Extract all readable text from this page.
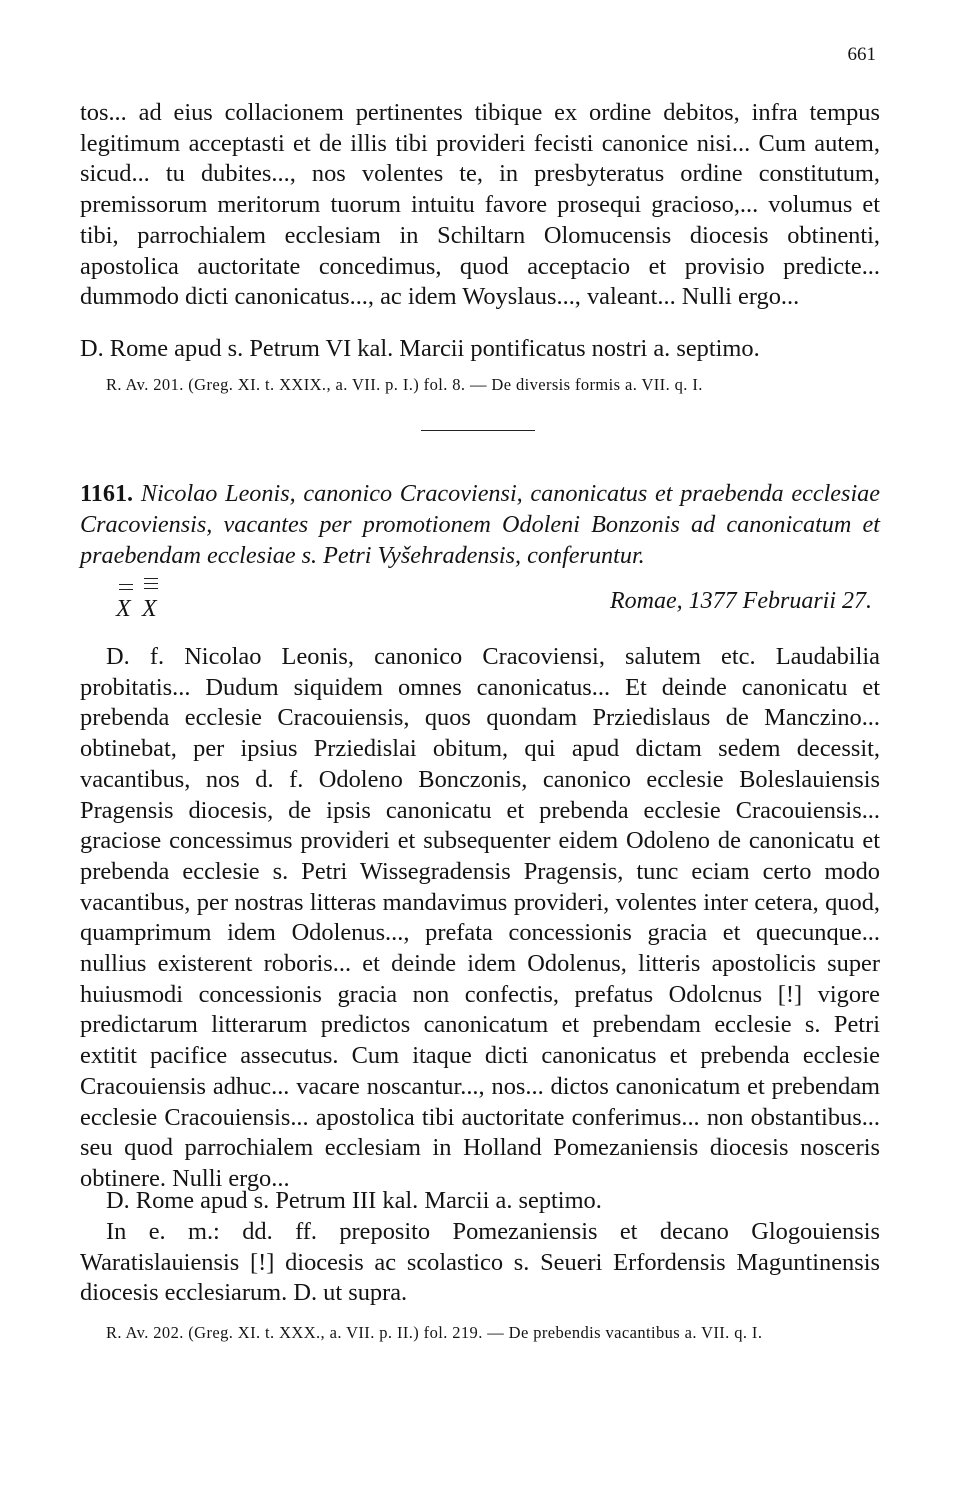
661

tos... ad eius collacionem pertinentes tibique ex ordine debitos, infra tempus legitimum acceptasti et de illis tibi provideri fecisti canonice nisi... Cum autem, sicud... tu dubites..., nos volentes te, in presbyteratus ordine constitutum, premissorum meritorum tuorum intuitu favore prosequi gracioso,... volumus et tibi, parrochialem ecclesiam in Schiltarn Olomucensis diocesis obtinenti, apostolica auctoritate concedimus, quod acceptacio et provisio predicte... dummodo dicti canonicatus..., ac idem Woyslaus..., valeant... Nulli ergo...

D. Rome apud s. Petrum VI kal. Marcii pontificatus nostri a. septimo.

R. Av. 201. (Greg. XI. t. XXIX., a. VII. p. I.) fol. 8. — De diversis formis a. VII. q. I.

1161. Nicolao Leonis, canonico Cracoviensi, canonicatus et praebenda ecclesiae Cracoviensis, vacantes per promotionem Odoleni Bonzonis ad canonicatum et praebendam ecclesiae s. Petri Vyšehradensis, conferuntur.

X X	Romae, 1377 Februarii 27.

D. f. Nicolao Leonis, canonico Cracoviensi, salutem etc. Laudabilia probitatis... Dudum siquidem omnes canonicatus... Et deinde canonicatu et prebenda ecclesie Cracouiensis, quos quondam Prziedislaus de Manczino... obtinebat, per ipsius Prziedislai obitum, qui apud dictam sedem decessit, vacantibus, nos d. f. Odoleno Bonczonis, canonico ecclesie Boleslauiensis Pragensis diocesis, de ipsis canonicatu et prebenda ecclesie Cracouiensis... graciose concessimus provideri et subsequenter eidem Odoleno de canonicatu et prebenda ecclesie s. Petri Wissegradensis Pragensis, tunc eciam certo modo vacantibus, per nostras litteras mandavimus provideri, volentes inter cetera, quod, quamprimum idem Odolenus..., prefata concessionis gracia et quecunque... nullius existerent roboris... et deinde idem Odolenus, litteris apostolicis super huiusmodi concessionis gracia non confectis, prefatus Odolcnus [!] vigore predictarum litterarum predictos canonicatum et prebendam ecclesie s. Petri extitit pacifice assecutus. Cum itaque dicti canonicatus et prebenda ecclesie Cracouiensis adhuc... vacare noscantur..., nos... dictos canonicatum et prebendam ecclesie Cracouiensis... apostolica tibi auctoritate conferimus... non obstantibus... seu quod parrochialem ecclesiam in Holland Pomezaniensis diocesis nosceris obtinere. Nulli ergo...

D. Rome apud s. Petrum III kal. Marcii a. septimo.

In e. m.: dd. ff. preposito Pomezaniensis et decano Glogouiensis Waratislauiensis [!] diocesis ac scolastico s. Seueri Erfordensis Maguntinensis diocesis ecclesiarum. D. ut supra.

R. Av. 202. (Greg. XI. t. XXX., a. VII. p. II.) fol. 219. — De prebendis vacantibus a. VII. q. I.
